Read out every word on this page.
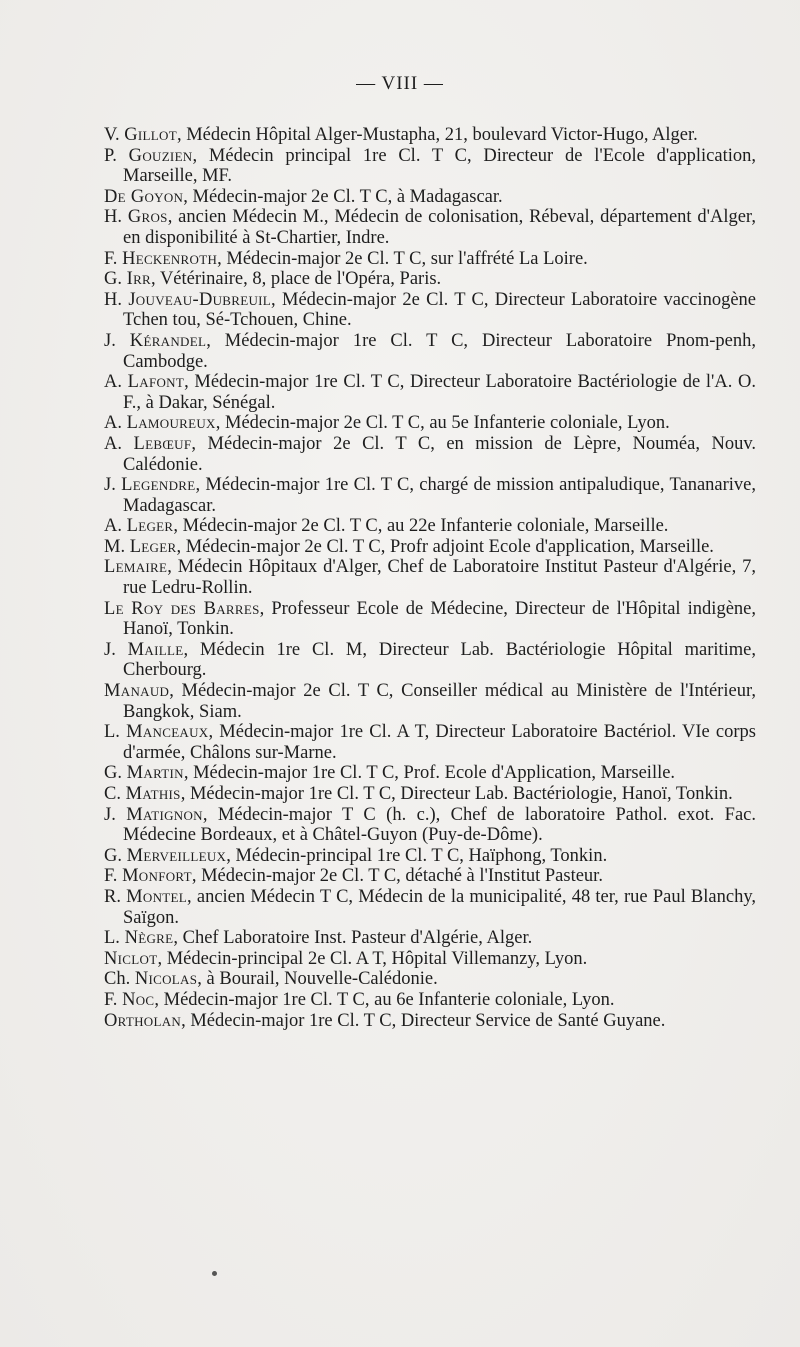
— VIII —

V. Gillot, Médecin Hôpital Alger-Mustapha, 21, boulevard Victor-Hugo, Alger.

P. Gouzien, Médecin principal 1re Cl. T C, Directeur de l'Ecole d'application, Marseille, MF.

De Goyon, Médecin-major 2e Cl. T C, à Madagascar.

H. Gros, ancien Médecin M., Médecin de colonisation, Rébeval, département d'Alger, en disponibilité à St-Chartier, Indre.

F. Heckenroth, Médecin-major 2e Cl. T C, sur l'affrété La Loire.

G. Irr, Vétérinaire, 8, place de l'Opéra, Paris.

H. Jouveau-Dubreuil, Médecin-major 2e Cl. T C, Directeur Laboratoire vaccinogène Tchen tou, Sé-Tchouen, Chine.

J. Kérandel, Médecin-major 1re Cl. T C, Directeur Laboratoire Pnom-penh, Cambodge.

A. Lafont, Médecin-major 1re Cl. T C, Directeur Laboratoire Bactériologie de l'A. O. F., à Dakar, Sénégal.

A. Lamoureux, Médecin-major 2e Cl. T C, au 5e Infanterie coloniale, Lyon.

A. Lebœuf, Médecin-major 2e Cl. T C, en mission de Lèpre, Nouméa, Nouv. Calédonie.

J. Legendre, Médecin-major 1re Cl. T C, chargé de mission antipaludique, Tananarive, Madagascar.

A. Leger, Médecin-major 2e Cl. T C, au 22e Infanterie coloniale, Marseille.

M. Leger, Médecin-major 2e Cl. T C, Profr adjoint Ecole d'application, Marseille.

Lemaire, Médecin Hôpitaux d'Alger, Chef de Laboratoire Institut Pasteur d'Algérie, 7, rue Ledru-Rollin.

Le Roy des Barres, Professeur Ecole de Médecine, Directeur de l'Hôpital indigène, Hanoï, Tonkin.

J. Maille, Médecin 1re Cl. M, Directeur Lab. Bactériologie Hôpital maritime, Cherbourg.

Manaud, Médecin-major 2e Cl. T C, Conseiller médical au Ministère de l'Intérieur, Bangkok, Siam.

L. Manceaux, Médecin-major 1re Cl. A T, Directeur Laboratoire Bactériol. VIe corps d'armée, Châlons sur-Marne.

G. Martin, Médecin-major 1re Cl. T C, Prof. Ecole d'Application, Marseille.

C. Mathis, Médecin-major 1re Cl. T C, Directeur Lab. Bactériologie, Hanoï, Tonkin.

J. Matignon, Médecin-major T C (h. c.), Chef de laboratoire Pathol. exot. Fac. Médecine Bordeaux, et à Châtel-Guyon (Puy-de-Dôme).

G. Merveilleux, Médecin-principal 1re Cl. T C, Haïphong, Tonkin.

F. Monfort, Médecin-major 2e Cl. T C, détaché à l'Institut Pasteur.

R. Montel, ancien Médecin T C, Médecin de la municipalité, 48 ter, rue Paul Blanchy, Saïgon.

L. Nègre, Chef Laboratoire Inst. Pasteur d'Algérie, Alger.

Niclot, Médecin-principal 2e Cl. A T, Hôpital Villemanzy, Lyon.

Ch. Nicolas, à Bourail, Nouvelle-Calédonie.

F. Noc, Médecin-major 1re Cl. T C, au 6e Infanterie coloniale, Lyon.

Ortholan, Médecin-major 1re Cl. T C, Directeur Service de Santé Guyane.
